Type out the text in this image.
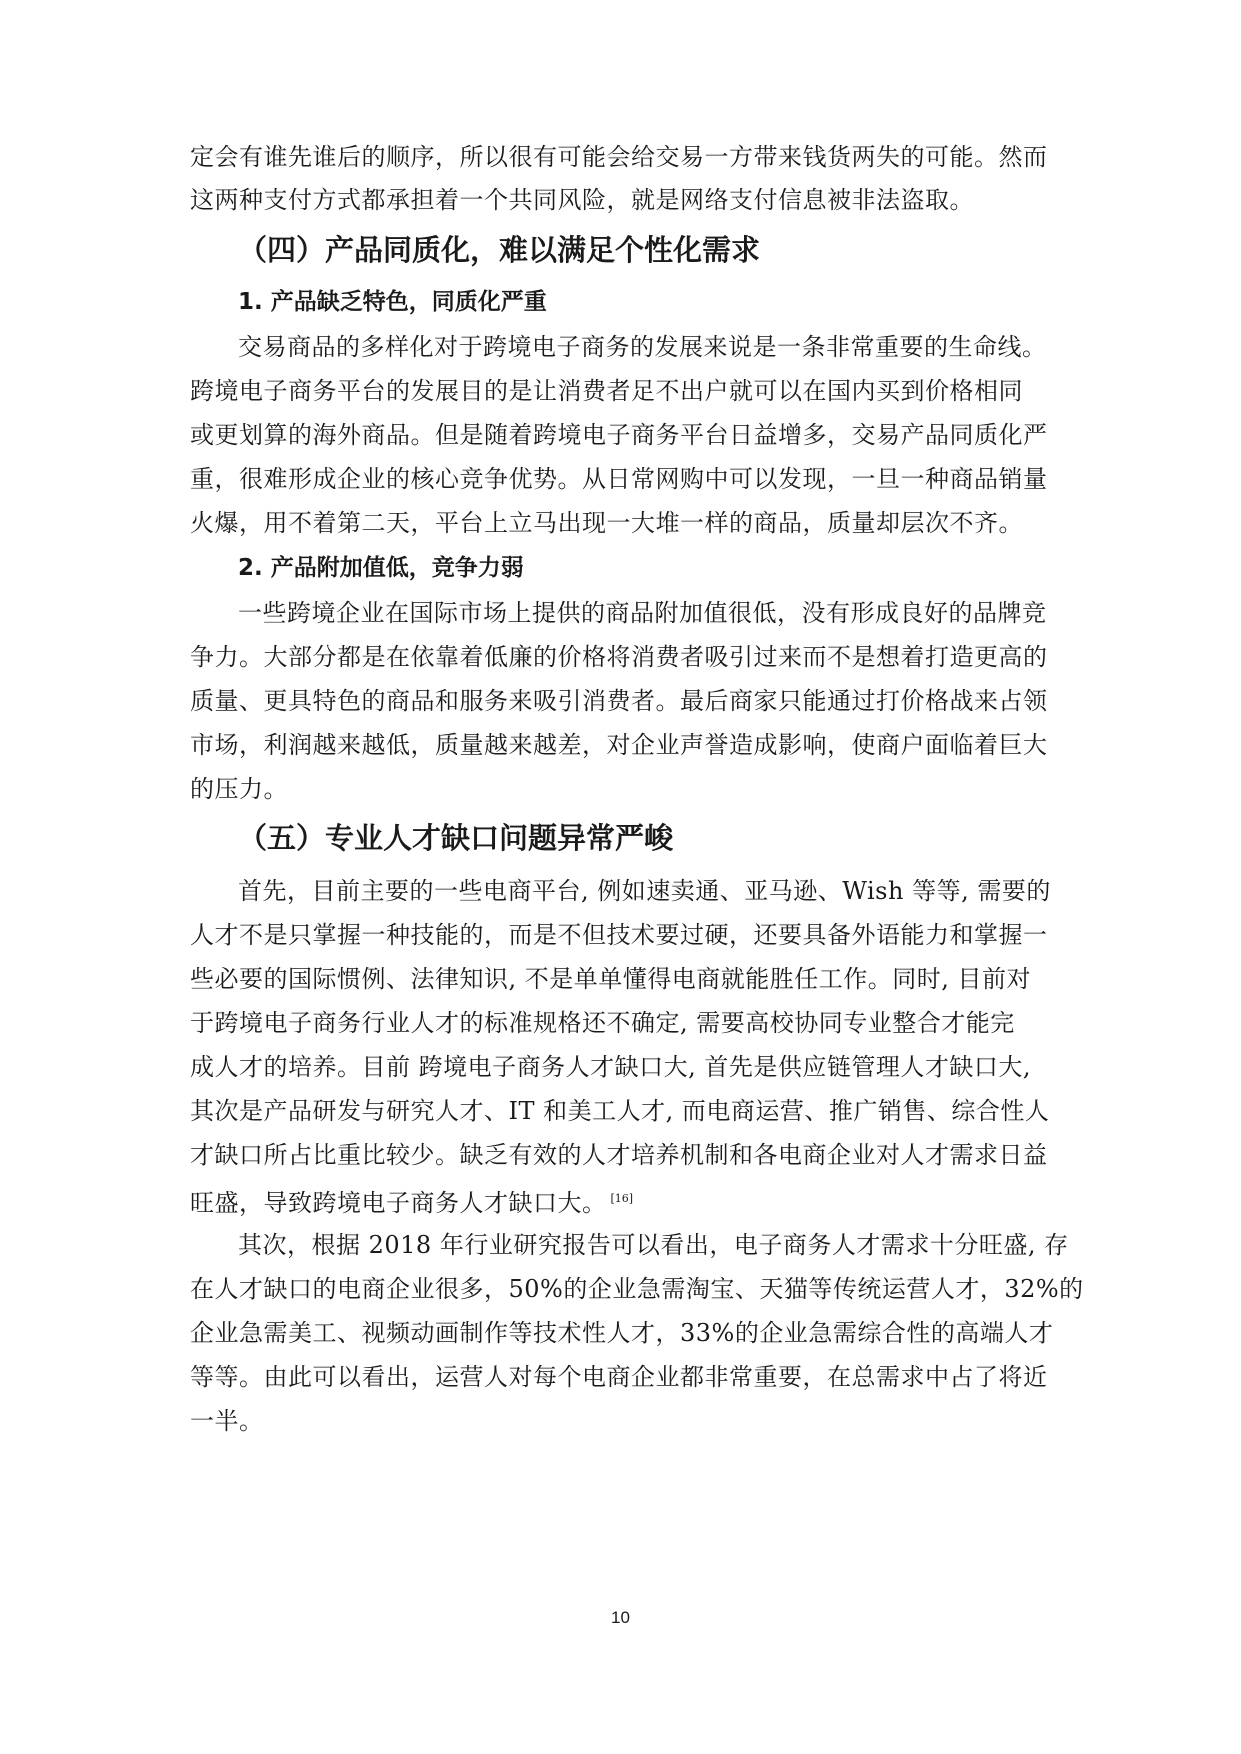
定会有谁先谁后的顺序，所以很有可能会给交易一方带来钱货两失的可能。然而
这两种支付方式都承担着一个共同风险，就是网络支付信息被非法盗取。
（四）产品同质化，难以满足个性化需求
1. 产品缺乏特色，同质化严重
交易商品的多样化对于跨境电子商务的发展来说是一条非常重要的生命线。
跨境电子商务平台的发展目的是让消费者足不出户就可以在国内买到价格相同
或更划算的海外商品。但是随着跨境电子商务平台日益增多，交易产品同质化严
重，很难形成企业的核心竞争优势。从日常网购中可以发现，一旦一种商品销量
火爆，用不着第二天，平台上立马出现一大堆一样的商品，质量却层次不齐。
2. 产品附加值低，竞争力弱
一些跨境企业在国际市场上提供的商品附加值很低，没有形成良好的品牌竞
争力。大部分都是在依靠着低廉的价格将消费者吸引过来而不是想着打造更高的
质量、更具特色的商品和服务来吸引消费者。最后商家只能通过打价格战来占领
市场，利润越来越低，质量越来越差，对企业声誉造成影响，使商户面临着巨大
的压力。
（五）专业人才缺口问题异常严峻
首先，目前主要的一些电商平台, 例如速卖通、亚马逊、Wish 等等, 需要的
人才不是只掌握一种技能的，而是不但技术要过硬，还要具备外语能力和掌握一
些必要的国际惯例、法律知识, 不是单单懂得电商就能胜任工作。同时, 目前对
于跨境电子商务行业人才的标准规格还不确定, 需要高校协同专业整合才能完
成人才的培养。目前 跨境电子商务人才缺口大, 首先是供应链管理人才缺口大,
其次是产品研发与研究人才、IT 和美工人才, 而电商运营、推广销售、综合性人
才缺口所占比重比较少。缺乏有效的人才培养机制和各电商企业对人才需求日益
旺盛，导致跨境电子商务人才缺口大。 [16]
其次，根据 2018 年行业研究报告可以看出，电子商务人才需求十分旺盛, 存
在人才缺口的电商企业很多，50%的企业急需淘宝、天猫等传统运营人才，32%的
企业急需美工、视频动画制作等技术性人才，33%的企业急需综合性的高端人才
等等。由此可以看出，运营人对每个电商企业都非常重要，在总需求中占了将近
一半。
10
